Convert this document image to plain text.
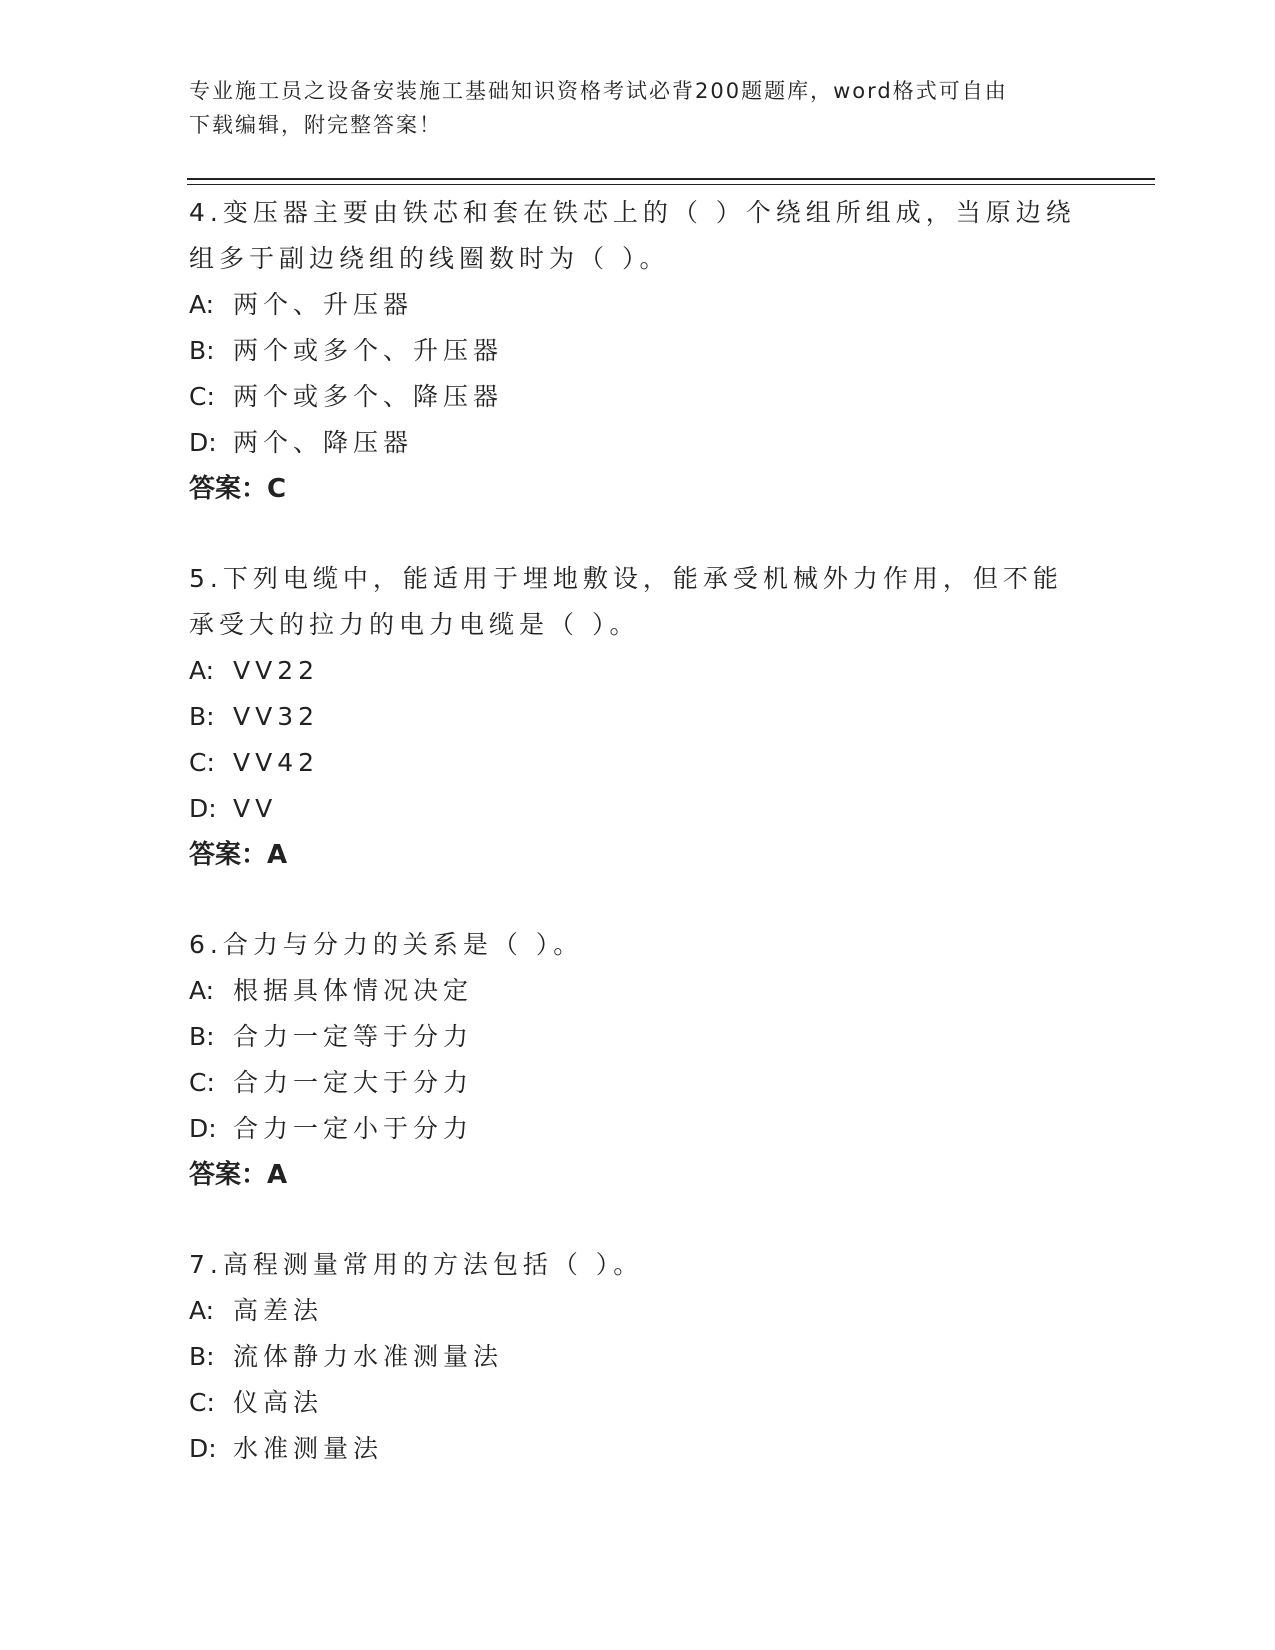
专业施工员之设备安装施工基础知识资格考试必背200题题库，word格式可自由
下载编辑，附完整答案！
4.变压器主要由铁芯和套在铁芯上的（ ）个绕组所组成，当原边绕组多于副边绕组的线圈数时为（ ）。
A: 两个、升压器
B: 两个或多个、升压器
C: 两个或多个、降压器
D: 两个、降压器
答案：C
5.下列电缆中，能适用于埋地敷设，能承受机械外力作用，但不能承受大的拉力的电力电缆是（ ）。
A: VV22
B: VV32
C: VV42
D: VV
答案：A
6.合力与分力的关系是（ ）。
A: 根据具体情况决定
B: 合力一定等于分力
C: 合力一定大于分力
D: 合力一定小于分力
答案：A
7.高程测量常用的方法包括（ ）。
A: 高差法
B: 流体静力水准测量法
C: 仪高法
D: 水准测量法
